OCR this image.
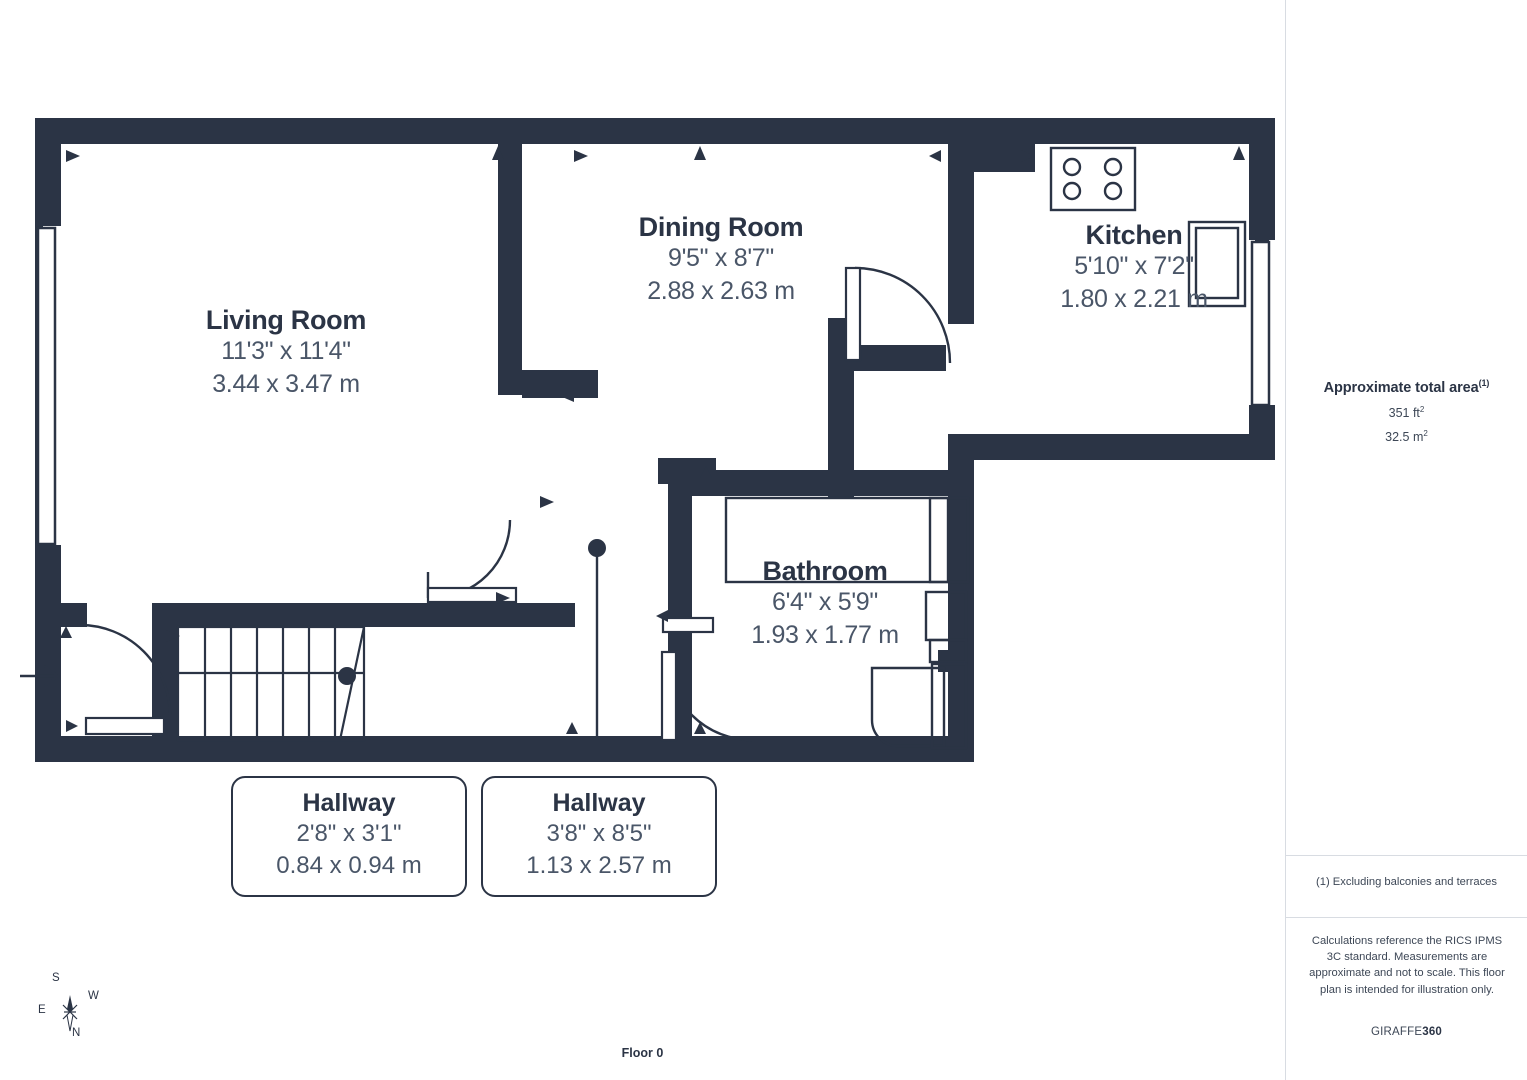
Living Room
11'3" x 11'4"
3.44 x 3.47 m
Dining Room
9'5" x 8'7"
2.88 x 2.63 m
Kitchen
5'10" x 7'2"
1.80 x 2.21 m
Bathroom
6'4" x 5'9"
1.93 x 1.77 m
Hallway
2'8" x 3'1"
0.84 x 0.94 m
Hallway
3'8" x 8'5"
1.13 x 2.57 m
S
W
E
N
Floor 0
Approximate total area$^{(1)}$
351 $ft^2$
32.5 $m^2$
(1) Excluding balconies and terraces
Calculations reference the RICS IPMS 3C standard. Measurements are approximate and not to scale. This floor plan is intended for illustration only.
GIRAFFE360
